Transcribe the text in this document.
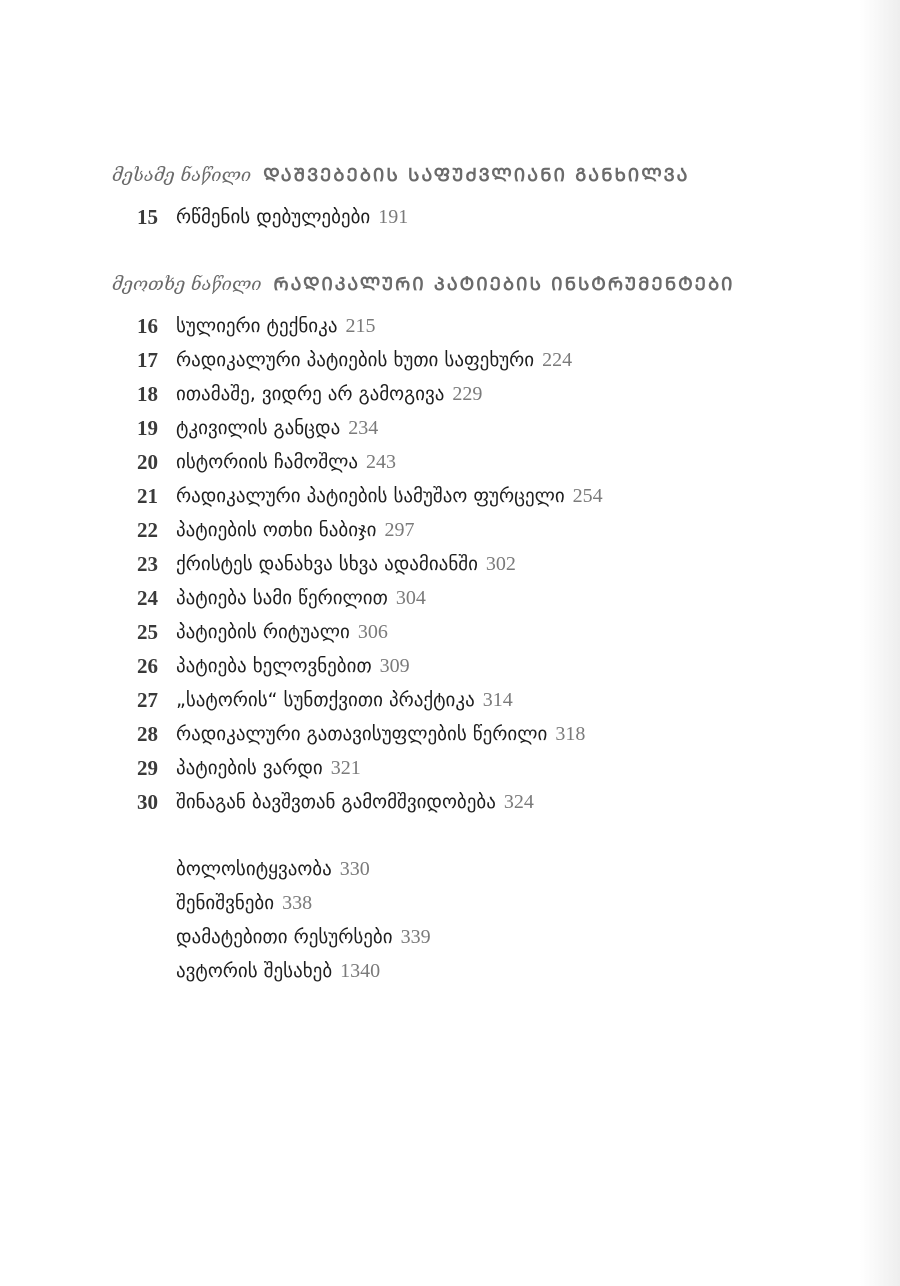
მესამე ნაწილი ᲓᲐᲨᲕᲔᲑᲔᲑᲘᲡ ᲡᲐᲤᲣᲫᲕᲚᲘᲐᲜᲘ ᲒᲐᲜᲮᲘᲚᲕᲐ
15 რწმენის დებულებები 191
მეოთხე ნაწილი ᲠᲐᲓᲘᲙᲐᲚᲣᲠᲘ ᲞᲐᲢᲘᲔᲑᲘᲡ ᲘᲜᲡᲢᲠᲣᲛᲔᲜᲢᲔᲑᲘ
16 სულიერი ტექნიკა 215
17 რადიკალური პატიების ხუთი საფეხური 224
18 ითამაშე, ვიდრე არ გამოგივა 229
19 ტკივილის განცდა 234
20 ისტორიის ჩამოშლა 243
21 რადიკალური პატიების სამუშაო ფურცელი 254
22 პატიების ოთხი ნაბიჯი 297
23 ქრისტეს დანახვა სხვა ადამიანში 302
24 პატიება სამი წერილით 304
25 პატიების რიტუალი 306
26 პატიება ხელოვნებით 309
27 „სატორის“ სუნთქვითი პრაქტიკა 314
28 რადიკალური გათავისუფლების წერილი 318
29 პატიების ვარდი 321
30 შინაგან ბავშვთან გამომშვიდობება 324
ბოლოსიტყვაობა 330
შენიშვნები 338
დამატებითი რესურსები 339
ავტორის შესახებ 1340
